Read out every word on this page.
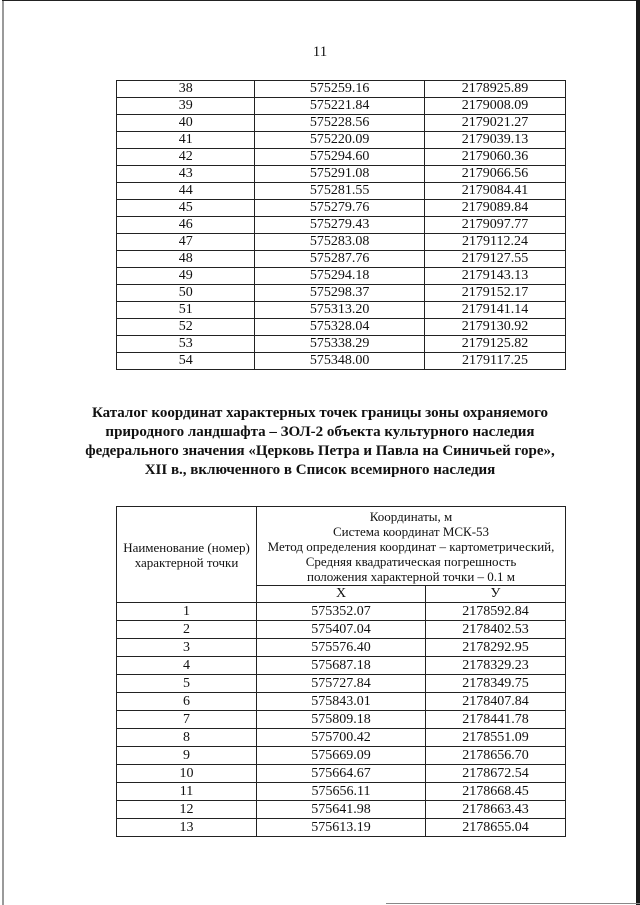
11
38	575259.16	2178925.89
39	575221.84	2179008.09
40	575228.56	2179021.27
41	575220.09	2179039.13
42	575294.60	2179060.36
43	575291.08	2179066.56
44	575281.55	2179084.41
45	575279.76	2179089.84
46	575279.43	2179097.77
47	575283.08	2179112.24
48	575287.76	2179127.55
49	575294.18	2179143.13
50	575298.37	2179152.17
51	575313.20	2179141.14
52	575328.04	2179130.92
53	575338.29	2179125.82
54	575348.00	2179117.25
Каталог координат характерных точек границы зоны охраняемого
природного ландшафта – ЗОЛ-2 объекта культурного наследия
федерального значения «Церковь Петра и Павла на Синичьей горе»,
XII в., включенного в Список всемирного наследия
Наименование (номер)
характерной точки

Координаты, м
Система координат МСК-53
Метод определения координат – картометрический,
Средняя квадратическая погрешность
положения характерной точки – 0.1 м

	X	У
1	575352.07	2178592.84
2	575407.04	2178402.53
3	575576.40	2178292.95
4	575687.18	2178329.23
5	575727.84	2178349.75
6	575843.01	2178407.84
7	575809.18	2178441.78
8	575700.42	2178551.09
9	575669.09	2178656.70
10	575664.67	2178672.54
11	575656.11	2178668.45
12	575641.98	2178663.43
13	575613.19	2178655.04
